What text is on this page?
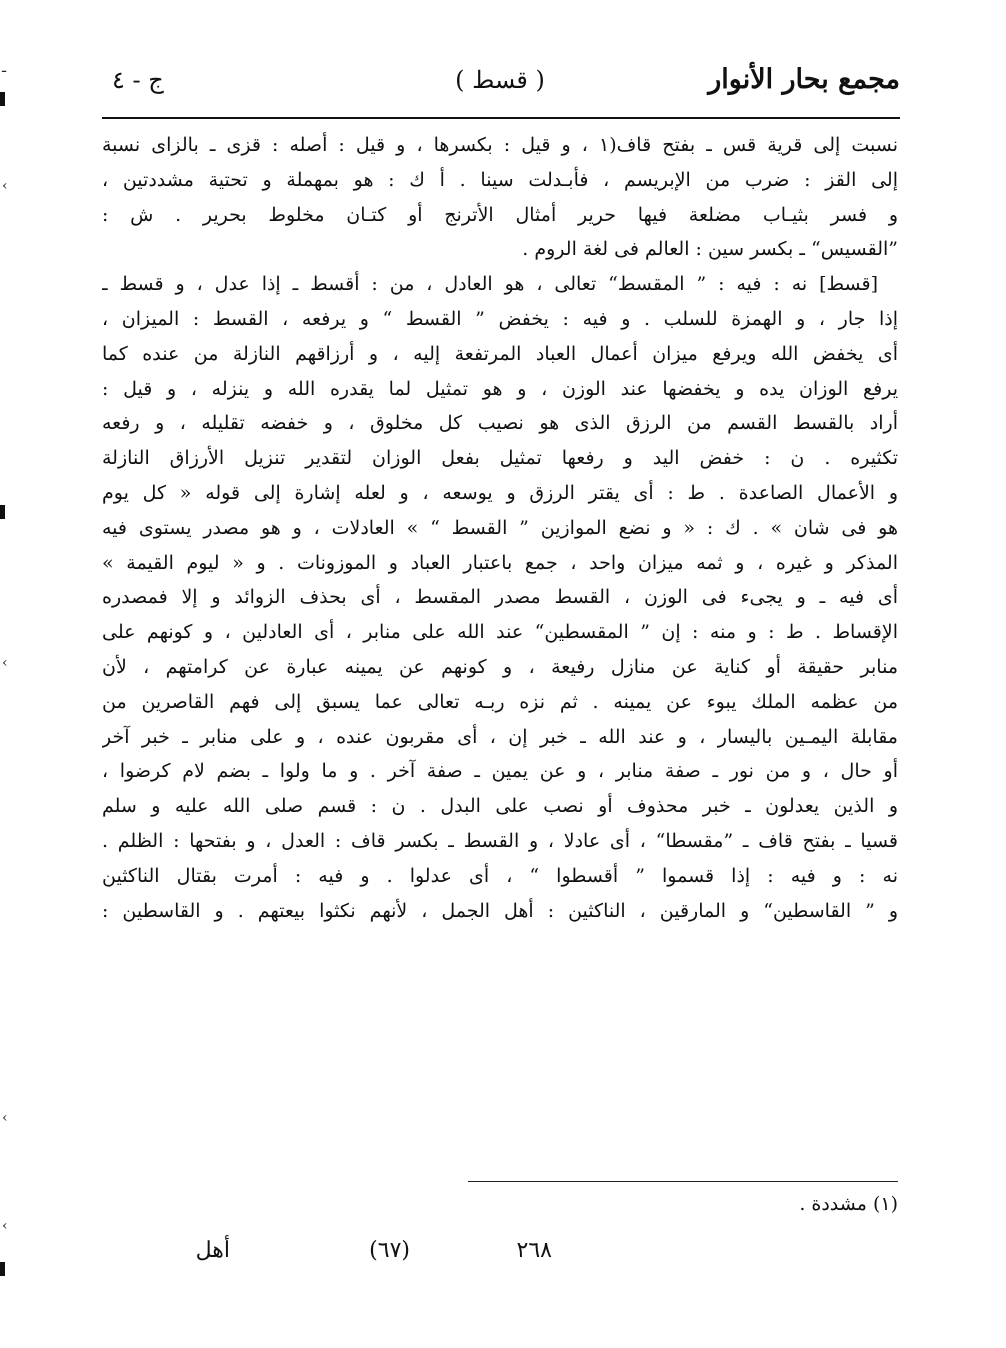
ـ
‹
‹
‹
‹
مجمع بحار الأنوار
( قسط )
ج - ٤
نسبت إلى قرية قس ـ بفتح قاف(١ ، و قيل : بكسرها ، و قيل : أصله : قزى ـ بالزاى نسبة
إلى القز : ضرب من الإبريسم ، فأبـدلت سينا . أ ك : هو بمهملة و تحتية مشددتين ،
و فسر بثيـاب مضلعة فيها حرير أمثال الأترنج أو كتـان مخلوط بحرير . ش :
”القسيس“ ـ بكسر سين : العالم فى لغة الروم .
[قسط] نه : فيه : ” المقسط“ تعالى ، هو العادل ، من : أقسط ـ إذا عدل ، و قسط ـ
إذا جار ، و الهمزة للسلب . و فيه : يخفض ” القسط “ و يرفعه ، القسط : الميزان ،
أى يخفض الله ويرفع ميزان أعمال العباد المرتفعة إليه ، و أرزاقهم النازلة من عنده كما
يرفع الوزان يده و يخفضها عند الوزن ، و هو تمثيل لما يقدره الله و ينزله ، و قيل :
أراد بالقسط القسم من الرزق الذى هو نصيب كل مخلوق ، و خفضه تقليله ، و رفعه
تكثيره . ن : خفض اليد و رفعها تمثيل بفعل الوزان لتقدير تنزيل الأرزاق النازلة
و الأعمال الصاعدة . ط : أى يقتر الرزق و يوسعه ، و لعله إشارة إلى قوله « كل يوم
هو فى شان » . ك : « و نضع الموازين ” القسط “ » العادلات ، و هو مصدر يستوى فيه
المذكر و غيره ، و ثمه ميزان واحد ، جمع باعتبار العباد و الموزونات . و « ليوم القيمة »
أى فيه ـ و يجىء فى الوزن ، القسط مصدر المقسط ، أى بحذف الزوائد و إلا فمصدره
الإقساط . ط : و منه : إن ” المقسطين“ عند الله على منابر ، أى العادلين ، و كونهم على
منابر حقيقة أو كناية عن منازل رفيعة ، و كونهم عن يمينه عبارة عن كرامتهم ، لأن
من عظمه الملك يبوء عن يمينه . ثم نزه ربـه تعالى عما يسبق إلى فهم القاصرين من
مقابلة اليمـين باليسار ، و عند الله ـ خبر إن ، أى مقربون عنده ، و على منابر ـ خبر آخر
أو حال ، و من نور ـ صفة منابر ، و عن يمين ـ صفة آخر . و ما ولوا ـ بضم لام كرضوا ،
و الذين يعدلون ـ خبر محذوف أو نصب على البدل . ن : قسم صلى الله عليه و سلم
قسيا ـ بفتح قاف ـ ”مقسطا“ ، أى عادلا ، و القسط ـ بكسر قاف : العدل ، و بفتحها : الظلم .
نه : و فيه : إذا قسموا ” أقسطوا “ ، أى عدلوا . و فيه : أمرت بقتال الناكثين
و ” القاسطين“ و المارقين ، الناكثين : أهل الجمل ، لأنهم نكثوا بيعتهم . و القاسطين :
(١) مشددة .
٢٦٨
(٦٧)
أهل
